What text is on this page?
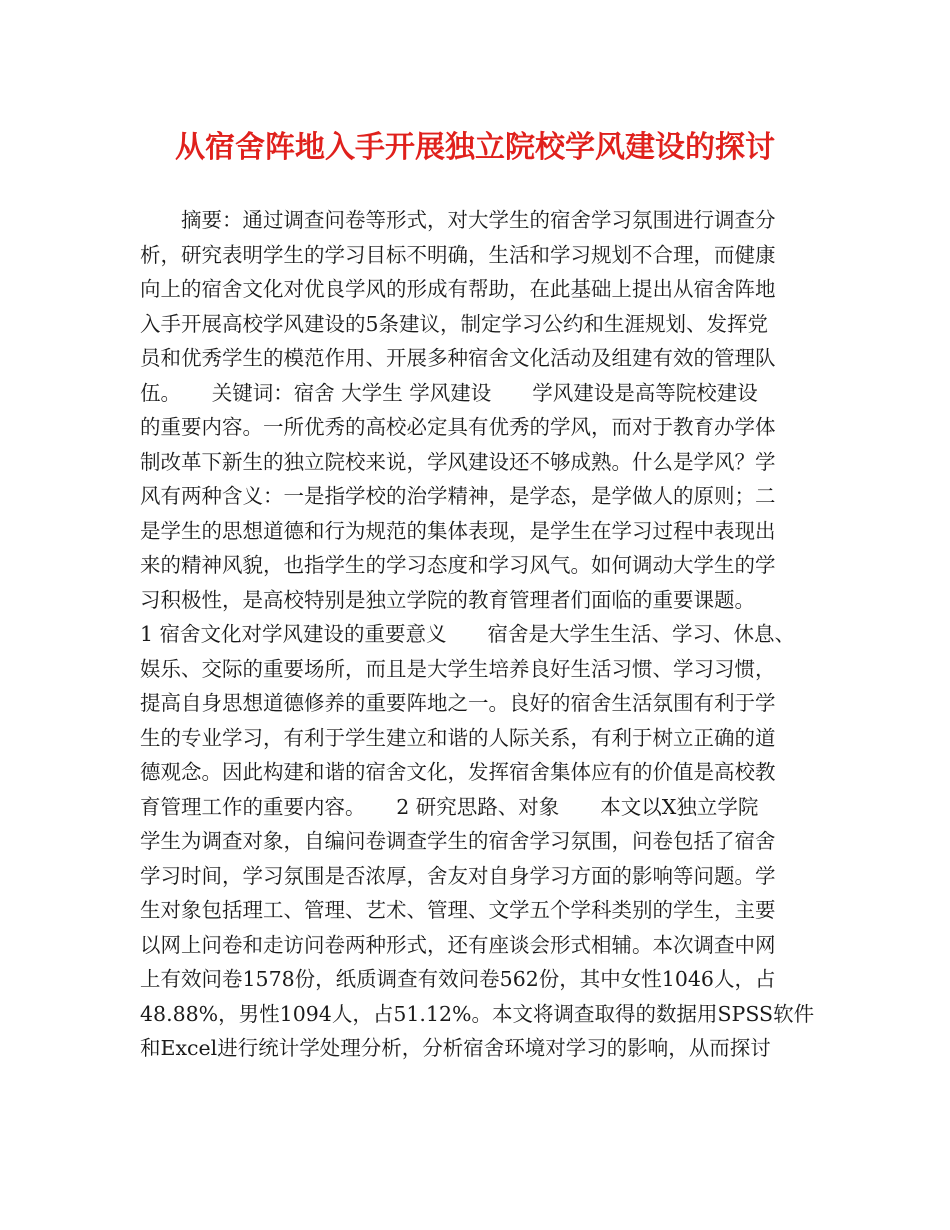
从宿舍阵地入手开展独立院校学风建设的探讨
　　摘要：通过调查问卷等形式，对大学生的宿舍学习氛围进行调查分
析，研究表明学生的学习目标不明确，生活和学习规划不合理，而健康
向上的宿舍文化对优良学风的形成有帮助，在此基础上提出从宿舍阵地
入手开展高校学风建设的5条建议，制定学习公约和生涯规划、发挥党
员和优秀学生的模范作用、开展多种宿舍文化活动及组建有效的管理队
伍。　　关键词：宿舍 大学生 学风建设　　学风建设是高等院校建设
的重要内容。一所优秀的高校必定具有优秀的学风，而对于教育办学体
制改革下新生的独立院校来说，学风建设还不够成熟。什么是学风？学
风有两种含义：一是指学校的治学精神，是学态，是学做人的原则；二
是学生的思想道德和行为规范的集体表现，是学生在学习过程中表现出
来的精神风貌，也指学生的学习态度和学习风气。如何调动大学生的学
习积极性，是高校特别是独立学院的教育管理者们面临的重要课题。
1 宿舍文化对学风建设的重要意义　　宿舍是大学生生活、学习、休息、
娱乐、交际的重要场所，而且是大学生培养良好生活习惯、学习习惯，
提高自身思想道德修养的重要阵地之一。良好的宿舍生活氛围有利于学
生的专业学习，有利于学生建立和谐的人际关系，有利于树立正确的道
德观念。因此构建和谐的宿舍文化，发挥宿舍集体应有的价值是高校教
育管理工作的重要内容。　　2 研究思路、对象　　本文以X独立学院
学生为调查对象，自编问卷调查学生的宿舍学习氛围，问卷包括了宿舍
学习时间，学习氛围是否浓厚，舍友对自身学习方面的影响等问题。学
生对象包括理工、管理、艺术、管理、文学五个学科类别的学生，主要
以网上问卷和走访问卷两种形式，还有座谈会形式相辅。本次调查中网
上有效问卷1578份，纸质调查有效问卷562份，其中女性1046人，占
48.88%，男性1094人，占51.12%。本文将调查取得的数据用SPSS软件
和Excel进行统计学处理分析，分析宿舍环境对学习的影响，从而探讨
